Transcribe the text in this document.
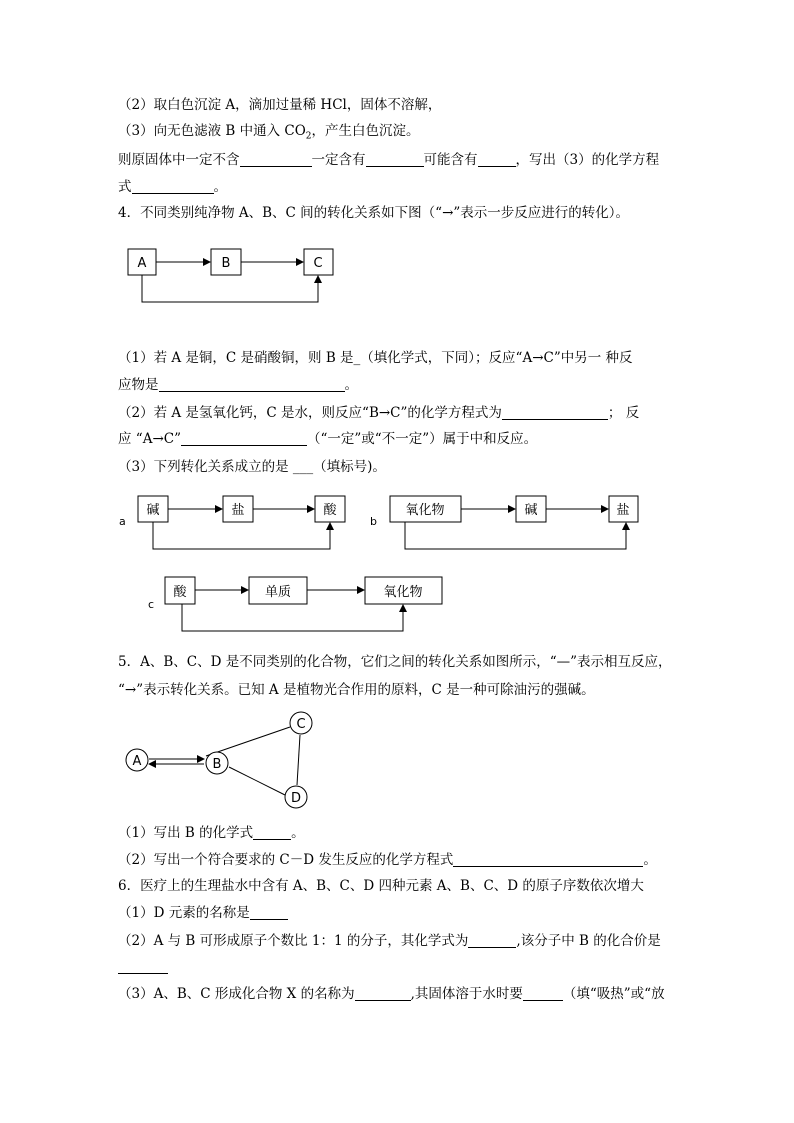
（2）取白色沉淀 A，滴加过量稀 HCl，固体不溶解，
（3）向无色滤液 B 中通入 $CO_2$，产生白色沉淀。
则原固体中一定不含	一定含有	可能含有	，写出（3）的化学方程
式	。
4．不同类别纯净物 A、B、C 间的转化关系如下图（“→”表示一步反应进行的转化）。
A	B	C
a
碱	盐	酸
b
氧化物	碱	盐
c
酸	单质	氧化物
A	B
C
D
（1）若 A 是铜，C 是硝酸铜，则 B 是_（填化学式，下同）；反应“A→C”中另一 种反
应物是	。
（2）若 A 是氢氧化钙，C 是水，则反应“B→C”的化学方程式为	； 反
应 “A→C”	（“一定”或“不一定”）属于中和反应。
（3）下列转化关系成立的是 ___（填标号)。
5．A、B、C、D 是不同类别的化合物，它们之间的转化关系如图所示，“—”表示相互反应，
“→”表示转化关系。已知 A 是植物光合作用的原料，C 是一种可除油污的强碱。
（1）写出 B 的化学式	。
（2）写出一个符合要求的 C－D 发生反应的化学方程式	。
6．医疗上的生理盐水中含有 A、B、C、D 四种元素 A、B、C、D 的原子序数依次增大
（1）D 元素的名称是
（2）A 与 B 可形成原子个数比 1：1 的分子，其化学式为	,该分子中 B 的化合价是
（3）A、B、C 形成化合物 X 的名称为	,其固体溶于水时要	（填“吸热”或“放
